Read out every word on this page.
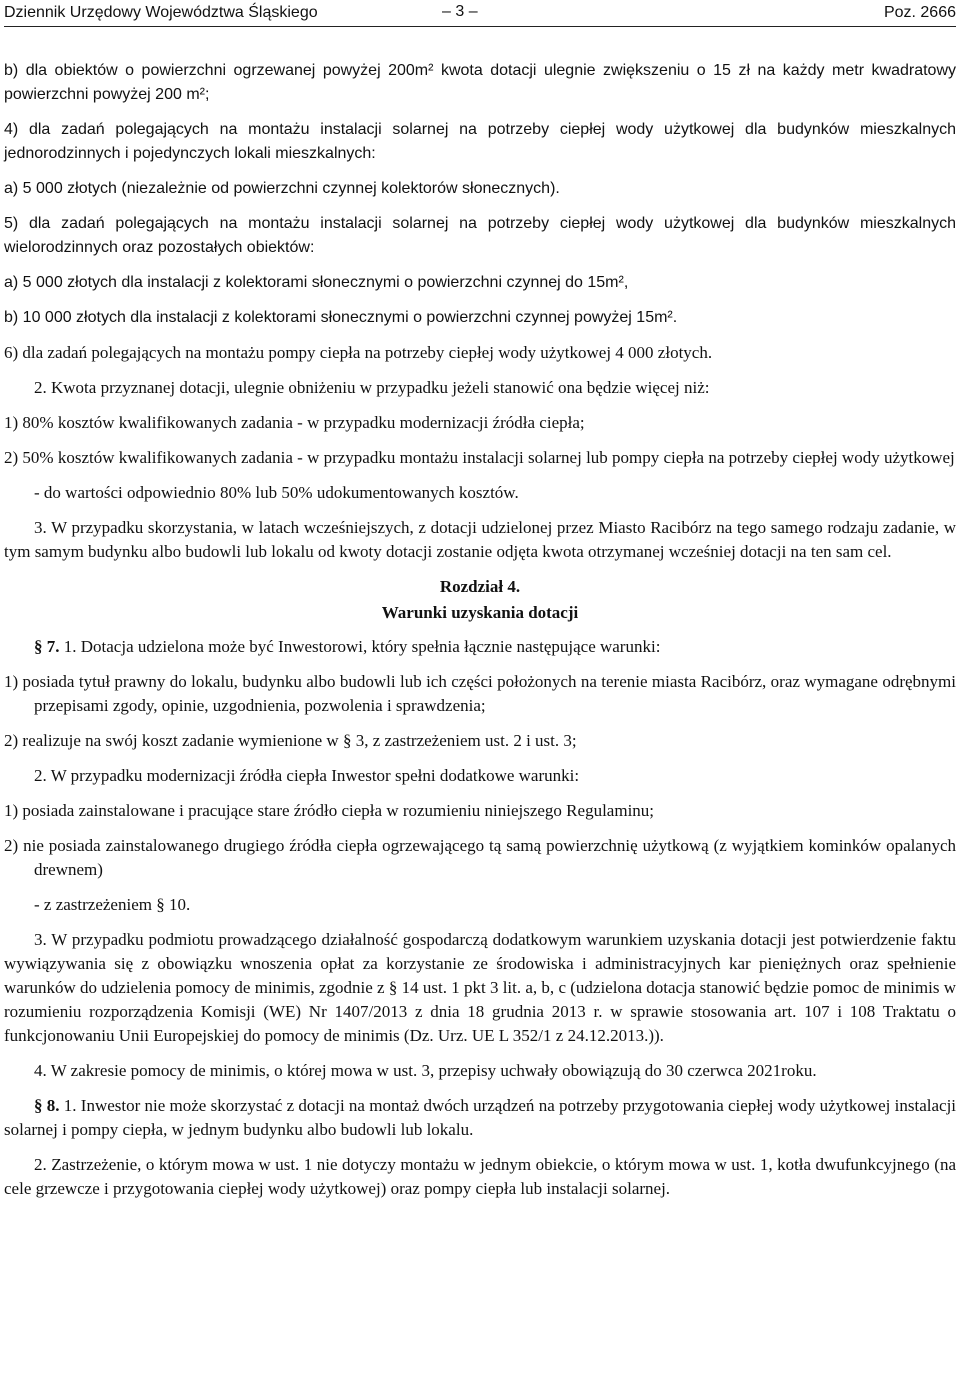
Dziennik Urzędowy Województwa Śląskiego	– 3 –	Poz. 2666

b) dla obiektów o powierzchni ogrzewanej powyżej 200m² kwota dotacji ulegnie zwiększeniu o 15 zł na każdy metr kwadratowy powierzchni powyżej 200 m²;

4) dla zadań polegających na montażu instalacji solarnej na potrzeby ciepłej wody użytkowej dla budynków mieszkalnych jednorodzinnych i pojedynczych lokali mieszkalnych:

a) 5 000 złotych (niezależnie od powierzchni czynnej kolektorów słonecznych).

5) dla zadań polegających na montażu instalacji solarnej na potrzeby ciepłej wody użytkowej dla budynków mieszkalnych wielorodzinnych oraz pozostałych obiektów:

a) 5 000 złotych dla instalacji z kolektorami słonecznymi o powierzchni czynnej do 15m²,

b) 10 000 złotych dla instalacji z kolektorami słonecznymi o powierzchni czynnej powyżej 15m².

6) dla zadań polegających na montażu pompy ciepła na potrzeby ciepłej wody użytkowej 4 000 złotych.

2. Kwota przyznanej dotacji, ulegnie obniżeniu w przypadku jeżeli stanowić ona będzie więcej niż:

1) 80% kosztów kwalifikowanych zadania - w przypadku modernizacji źródła ciepła;

2) 50% kosztów kwalifikowanych zadania - w przypadku montażu instalacji solarnej lub pompy ciepła na potrzeby ciepłej wody użytkowej

- do wartości odpowiednio 80% lub 50% udokumentowanych kosztów.

3. W przypadku skorzystania, w latach wcześniejszych, z dotacji udzielonej przez Miasto Racibórz na tego samego rodzaju zadanie, w tym samym budynku albo budowli lub lokalu od kwoty dotacji zostanie odjęta kwota otrzymanej wcześniej dotacji na ten sam cel.

Rozdział 4.

Warunki uzyskania dotacji

§ 7. 1. Dotacja udzielona może być Inwestorowi, który spełnia łącznie następujące warunki:

1) posiada tytuł prawny do lokalu, budynku albo budowli lub ich części położonych na terenie miasta Racibórz, oraz wymagane odrębnymi przepisami zgody, opinie, uzgodnienia, pozwolenia i sprawdzenia;

2) realizuje na swój koszt zadanie wymienione w § 3, z zastrzeżeniem ust. 2 i ust. 3;

2. W przypadku modernizacji źródła ciepła Inwestor spełni dodatkowe warunki:

1) posiada zainstalowane i pracujące stare źródło ciepła w rozumieniu niniejszego Regulaminu;

2) nie posiada zainstalowanego drugiego źródła ciepła ogrzewającego tą samą powierzchnię użytkową (z wyjątkiem kominków opalanych drewnem)

- z zastrzeżeniem § 10.

3. W przypadku podmiotu prowadzącego działalność gospodarczą dodatkowym warunkiem uzyskania dotacji jest potwierdzenie faktu wywiązywania się z obowiązku wnoszenia opłat za korzystanie ze środowiska i administracyjnych kar pieniężnych oraz spełnienie warunków do udzielenia pomocy de minimis, zgodnie z § 14 ust. 1 pkt 3 lit. a, b, c (udzielona dotacja stanowić będzie pomoc de minimis w rozumieniu rozporządzenia Komisji (WE) Nr 1407/2013 z dnia 18 grudnia 2013 r. w sprawie stosowania art. 107 i 108 Traktatu o funkcjonowaniu Unii Europejskiej do pomocy de minimis (Dz. Urz. UE L 352/1 z 24.12.2013.)).

4. W zakresie pomocy de minimis, o której mowa w ust. 3, przepisy uchwały obowiązują do 30 czerwca 2021roku.

§ 8. 1. Inwestor nie może skorzystać z dotacji na montaż dwóch urządzeń na potrzeby przygotowania ciepłej wody użytkowej instalacji solarnej i pompy ciepła, w jednym budynku albo budowli lub lokalu.

2. Zastrzeżenie, o którym mowa w ust. 1 nie dotyczy montażu w jednym obiekcie, o którym mowa w ust. 1, kotła dwufunkcyjnego (na cele grzewcze i przygotowania ciepłej wody użytkowej) oraz pompy ciepła lub instalacji solarnej.
